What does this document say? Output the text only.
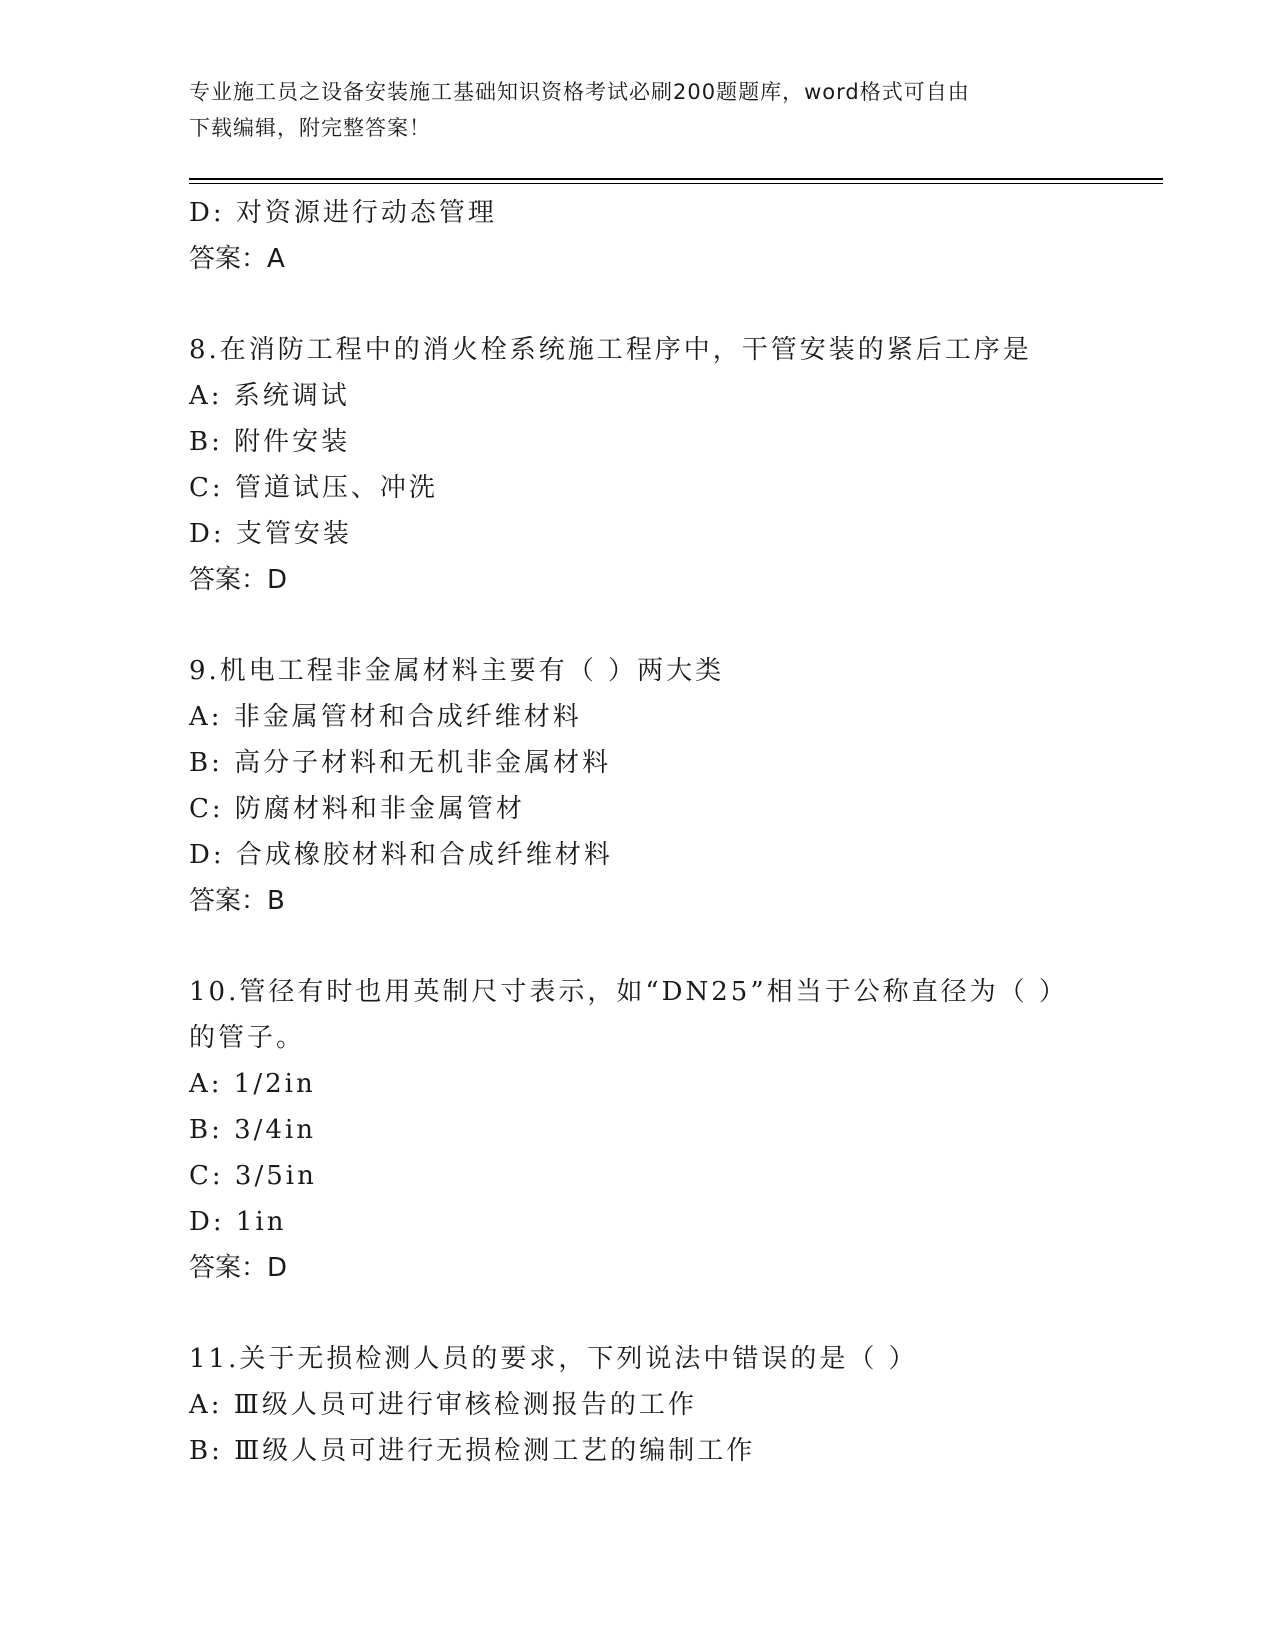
专业施工员之设备安装施工基础知识资格考试必刷200题题库，word格式可自由
下载编辑，附完整答案！
D: 对资源进行动态管理
答案：A
8.在消防工程中的消火栓系统施工程序中，干管安装的紧后工序是
A: 系统调试
B: 附件安装
C: 管道试压、冲洗
D: 支管安装
答案：D
9.机电工程非金属材料主要有（ ）两大类
A: 非金属管材和合成纤维材料
B: 高分子材料和无机非金属材料
C: 防腐材料和非金属管材
D: 合成橡胶材料和合成纤维材料
答案：B
10.管径有时也用英制尺寸表示，如“DN25”相当于公称直径为（ ）
的管子。
A: 1/2in
B: 3/4in
C: 3/5in
D: 1in
答案：D
11.关于无损检测人员的要求，下列说法中错误的是（ ）
A: Ⅲ级人员可进行审核检测报告的工作
B: Ⅲ级人员可进行无损检测工艺的编制工作
